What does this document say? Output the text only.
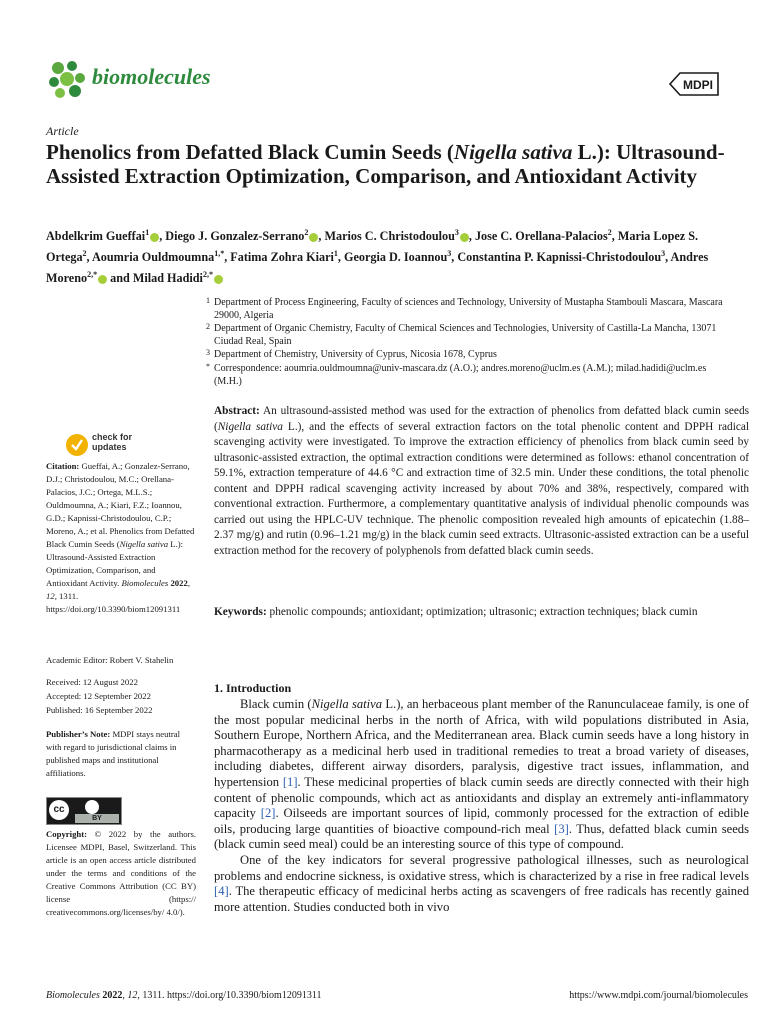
biomolecules	MDPI
Article
Phenolics from Defatted Black Cumin Seeds (Nigella sativa L.): Ultrasound-Assisted Extraction Optimization, Comparison, and Antioxidant Activity
Abdelkrim Gueffai$^1$ , Diego J. Gonzalez-Serrano$^2$ , Marios C. Christodoulou$^3$ , Jose C. Orellana-Palacios$^2$, Maria Lopez S. Ortega$^2$, Aoumria Ouldmoumna$^{1,*}$, Fatima Zohra Kiari$^1$, Georgia D. Ioannou$^3$, Constantina P. Kapnissi-Christodoulou$^3$, Andres Moreno$^{2,*}$ and Milad Hadidi$^{2,*}$
1 Department of Process Engineering, Faculty of sciences and Technology, University of Mustapha Stambouli Mascara, Mascara 29000, Algeria
2 Department of Organic Chemistry, Faculty of Chemical Sciences and Technologies, University of Castilla-La Mancha, 13071 Ciudad Real, Spain
3 Department of Chemistry, University of Cyprus, Nicosia 1678, Cyprus
* Correspondence: aoumria.ouldmoumna@univ-mascara.dz (A.O.); andres.moreno@uclm.es (A.M.); milad.hadidi@uclm.es (M.H.)
Abstract: An ultrasound-assisted method was used for the extraction of phenolics from defatted black cumin seeds (Nigella sativa L.), and the effects of several extraction factors on the total phenolic content and DPPH radical scavenging activity were investigated. To improve the extraction efficiency of phenolics from black cumin seed by ultrasonic-assisted extraction, the optimal extraction conditions were determined as follows: ethanol concentration of 59.1%, extraction temperature of 44.6 °C and extraction time of 32.5 min. Under these conditions, the total phenolic content and DPPH radical scavenging activity increased by about 70% and 38%, respectively, compared with conventional extraction. Furthermore, a complementary quantitative analysis of individual phenolic compounds was carried out using the HPLC-UV technique. The phenolic composition revealed high amounts of epicatechin (1.88–2.37 mg/g) and rutin (0.96–1.21 mg/g) in the black cumin seed extracts. Ultrasonic-assisted extraction can be a useful extraction method for the recovery of polyphenols from defatted black cumin seeds.
Keywords: phenolic compounds; antioxidant; optimization; ultrasonic; extraction techniques; black cumin
check for
updates
Citation: Gueffai, A.; Gonzalez-Serrano, D.J.; Christodoulou, M.C.; Orellana-Palacios, J.C.; Ortega, M.L.S.; Ouldmoumna, A.; Kiari, F.Z.; Ioannou, G.D.; Kapnissi-Christodoulou, C.P.; Moreno, A.; et al. Phenolics from Defatted Black Cumin Seeds (Nigella sativa L.): Ultrasound-Assisted Extraction Optimization, Comparison, and Antioxidant Activity. Biomolecules 2022, 12, 1311. https://doi.org/10.3390/biom12091311
Academic Editor: Robert V. Stahelin
Received: 12 August 2022
Accepted: 12 September 2022
Published: 16 September 2022
Publisher’s Note: MDPI stays neutral with regard to jurisdictional claims in published maps and institutional affiliations.
cc
BY
Copyright: © 2022 by the authors. Licensee MDPI, Basel, Switzerland. This article is an open access article distributed under the terms and conditions of the Creative Commons Attribution (CC BY) license (https:// creativecommons.org/licenses/by/ 4.0/).
1. Introduction

Black cumin (Nigella sativa L.), an herbaceous plant member of the Ranunculaceae family, is one of the most popular medicinal herbs in the north of Africa, with wild populations distributed in Asia, Southern Europe, Northern Africa, and the Mediterranean area. Black cumin seeds have a long history in pharmacotherapy as a medicinal herb used in traditional remedies to treat a broad variety of diseases, including diabetes, different airway disorders, paralysis, digestive tract issues, inflammation, and hypertension [1]. These medicinal properties of black cumin seeds are directly connected with their high content of phenolic compounds, which act as antioxidants and display an extremely anti-inflammatory capacity [2]. Oilseeds are important sources of lipid, commonly processed for the extraction of edible oils, producing large quantities of bioactive compound-rich meal [3]. Thus, defatted black cumin seeds (black cumin seed meal) could be an interesting source of this type of compound.

One of the key indicators for several progressive pathological illnesses, such as neurological problems and endocrine sickness, is oxidative stress, which is characterized by a rise in free radical levels [4]. The therapeutic efficacy of medicinal herbs acting as scavengers of free radicals has recently gained more attention. Studies conducted both in vivo

Biomolecules 2022, 12, 1311. https://doi.org/10.3390/biom12091311	https://www.mdpi.com/journal/biomolecules
